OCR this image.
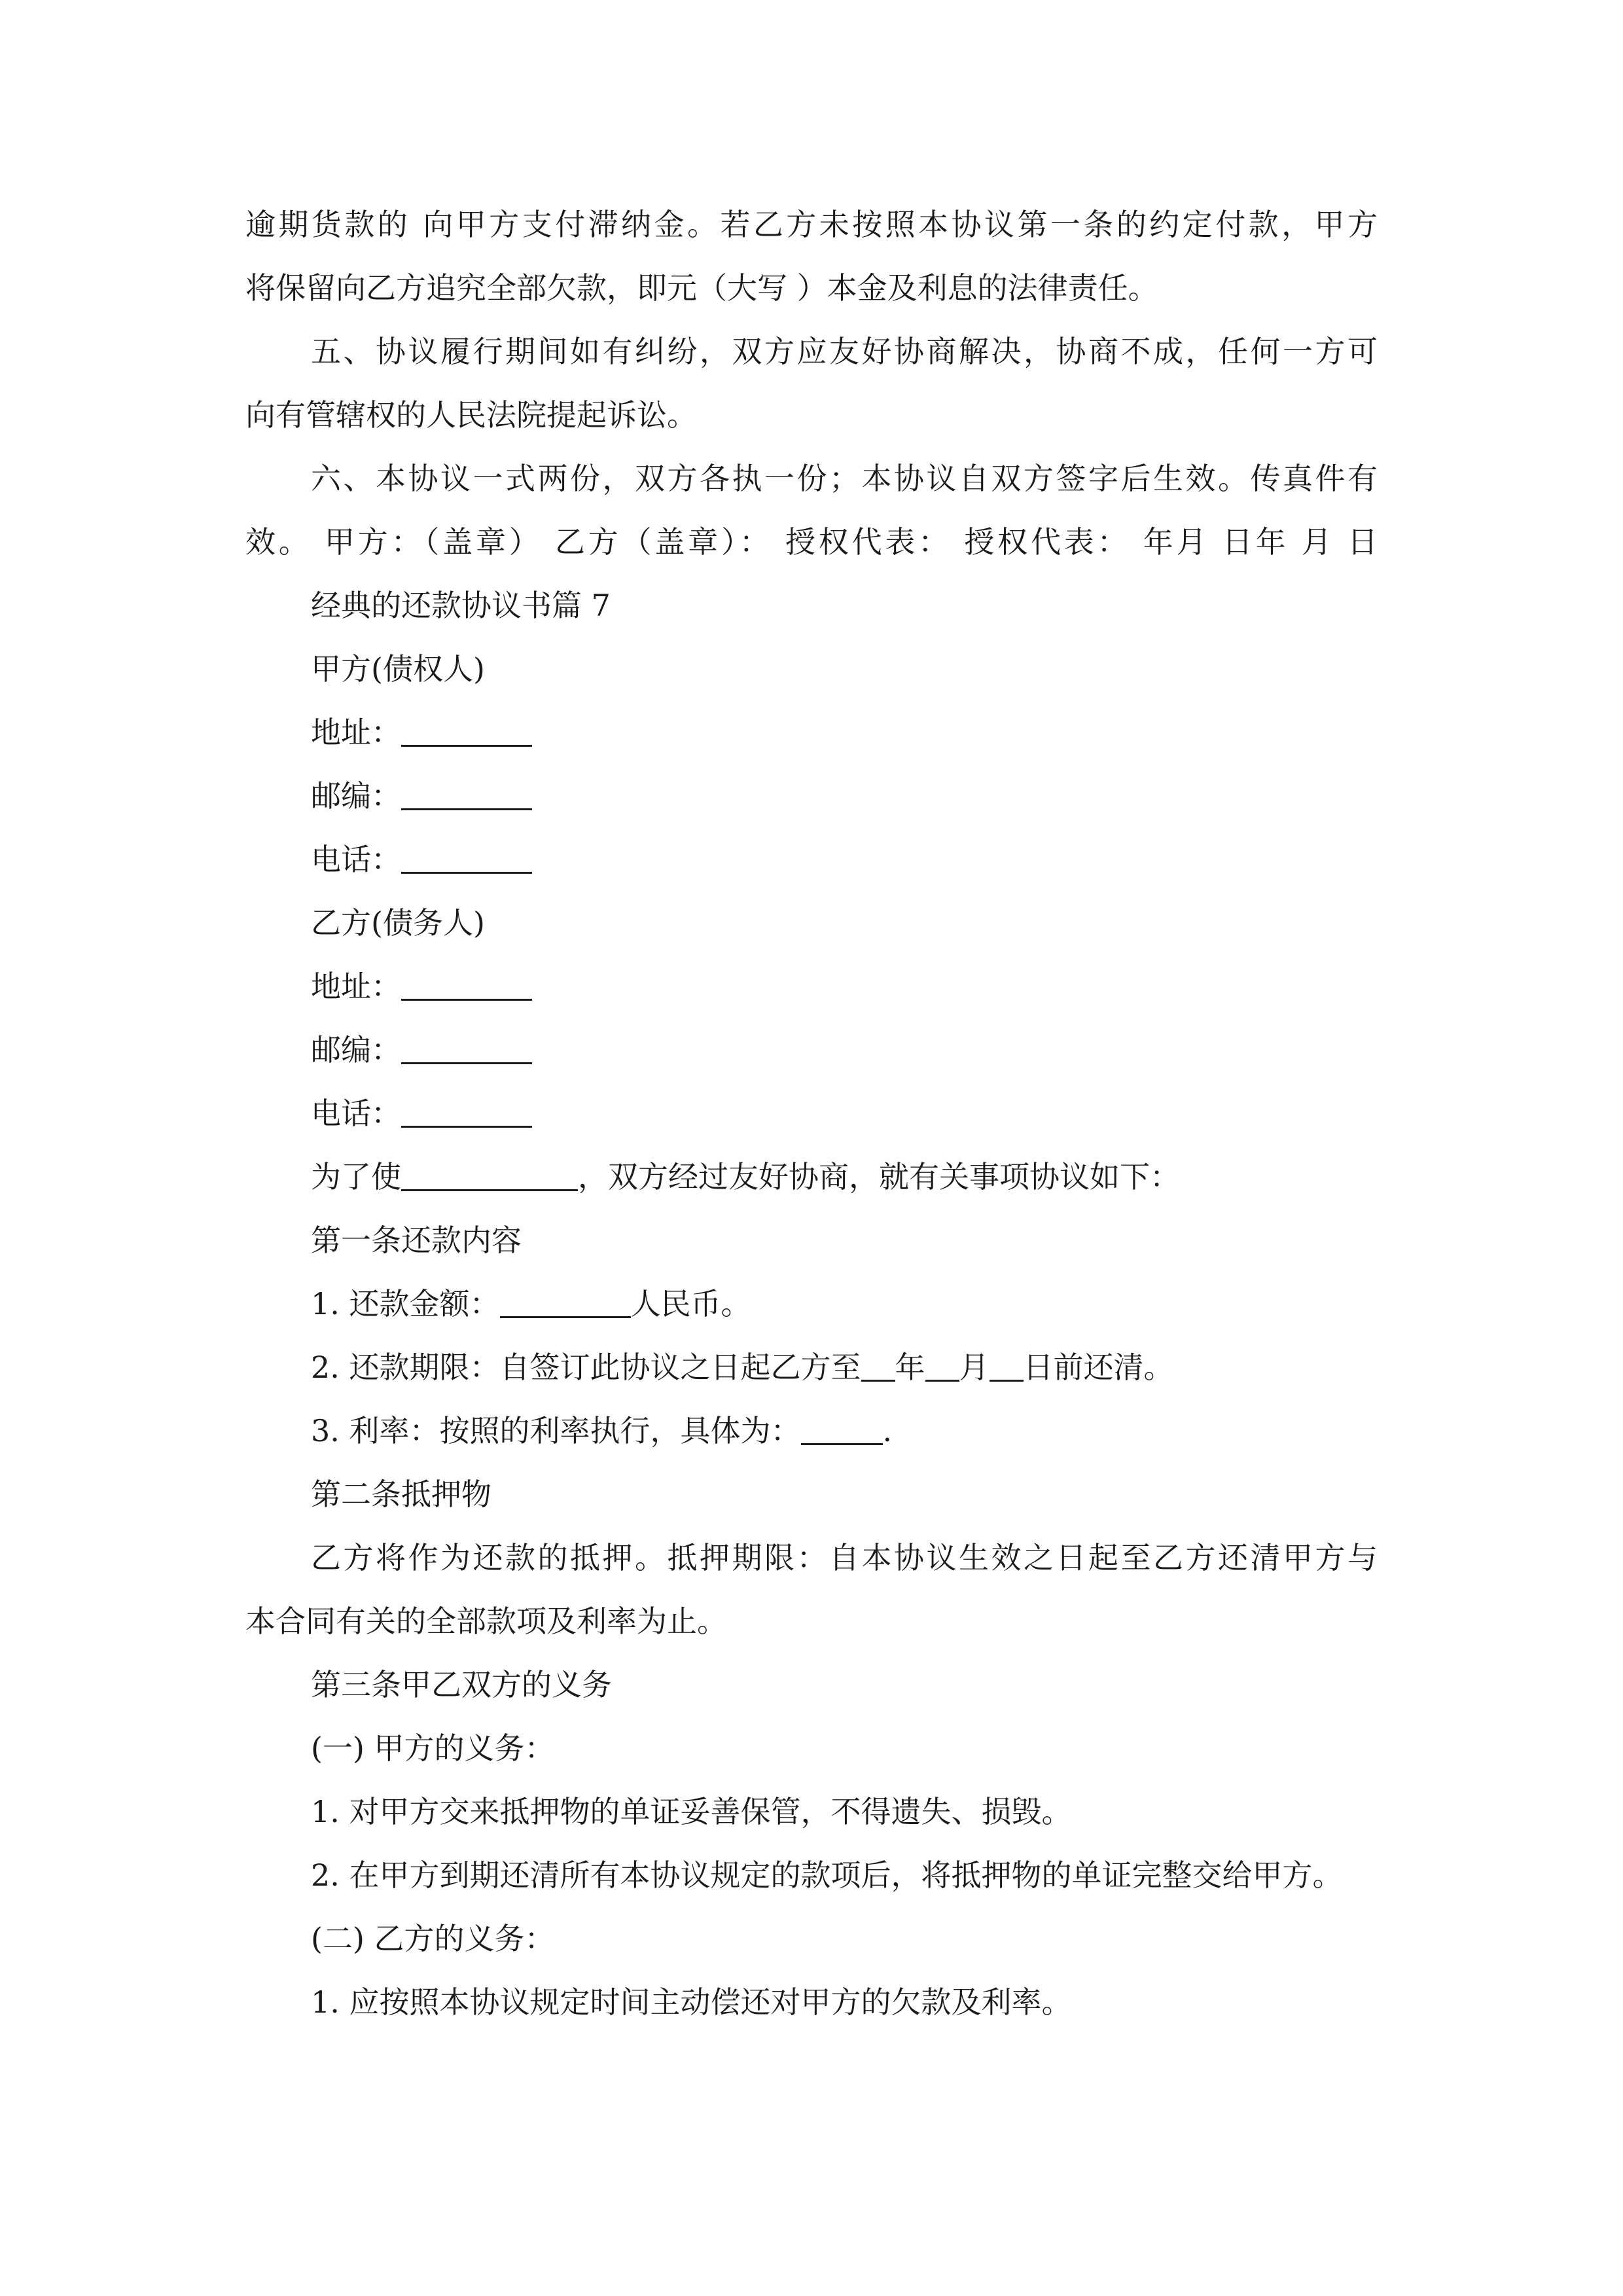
逾期货款的 向甲方支付滞纳金。若乙方未按照本协议第一条的约定付款，甲方

将保留向乙方追究全部欠款，即元（大写 ）本金及利息的法律责任。

五、协议履行期间如有纠纷，双方应友好协商解决，协商不成，任何一方可

向有管辖权的人民法院提起诉讼。

六、本协议一式两份，双方各执一份；本协议自双方签字后生效。传真件有

效。 甲方：（盖章） 乙方（盖章）： 授权代表： 授权代表： 年月 日年 月 日

经典的还款协议书篇 7

甲方(债权人)

地址：

邮编：

电话：

乙方(债务人)

地址：

邮编：

电话：

为了使	，双方经过友好协商，就有关事项协议如下：

第一条还款内容

1. 还款金额：	人民币。

2. 还款期限：自签订此协议之日起乙方至 年 月 日前还清。

3. 利率：按照的利率执行，具体为：	.

第二条抵押物

乙方将作为还款的抵押。抵押期限：自本协议生效之日起至乙方还清甲方与

本合同有关的全部款项及利率为止。

第三条甲乙双方的义务

(一) 甲方的义务：

1. 对甲方交来抵押物的单证妥善保管，不得遗失、损毁。

2. 在甲方到期还清所有本协议规定的款项后，将抵押物的单证完整交给甲方。

(二) 乙方的义务：

1. 应按照本协议规定时间主动偿还对甲方的欠款及利率。
